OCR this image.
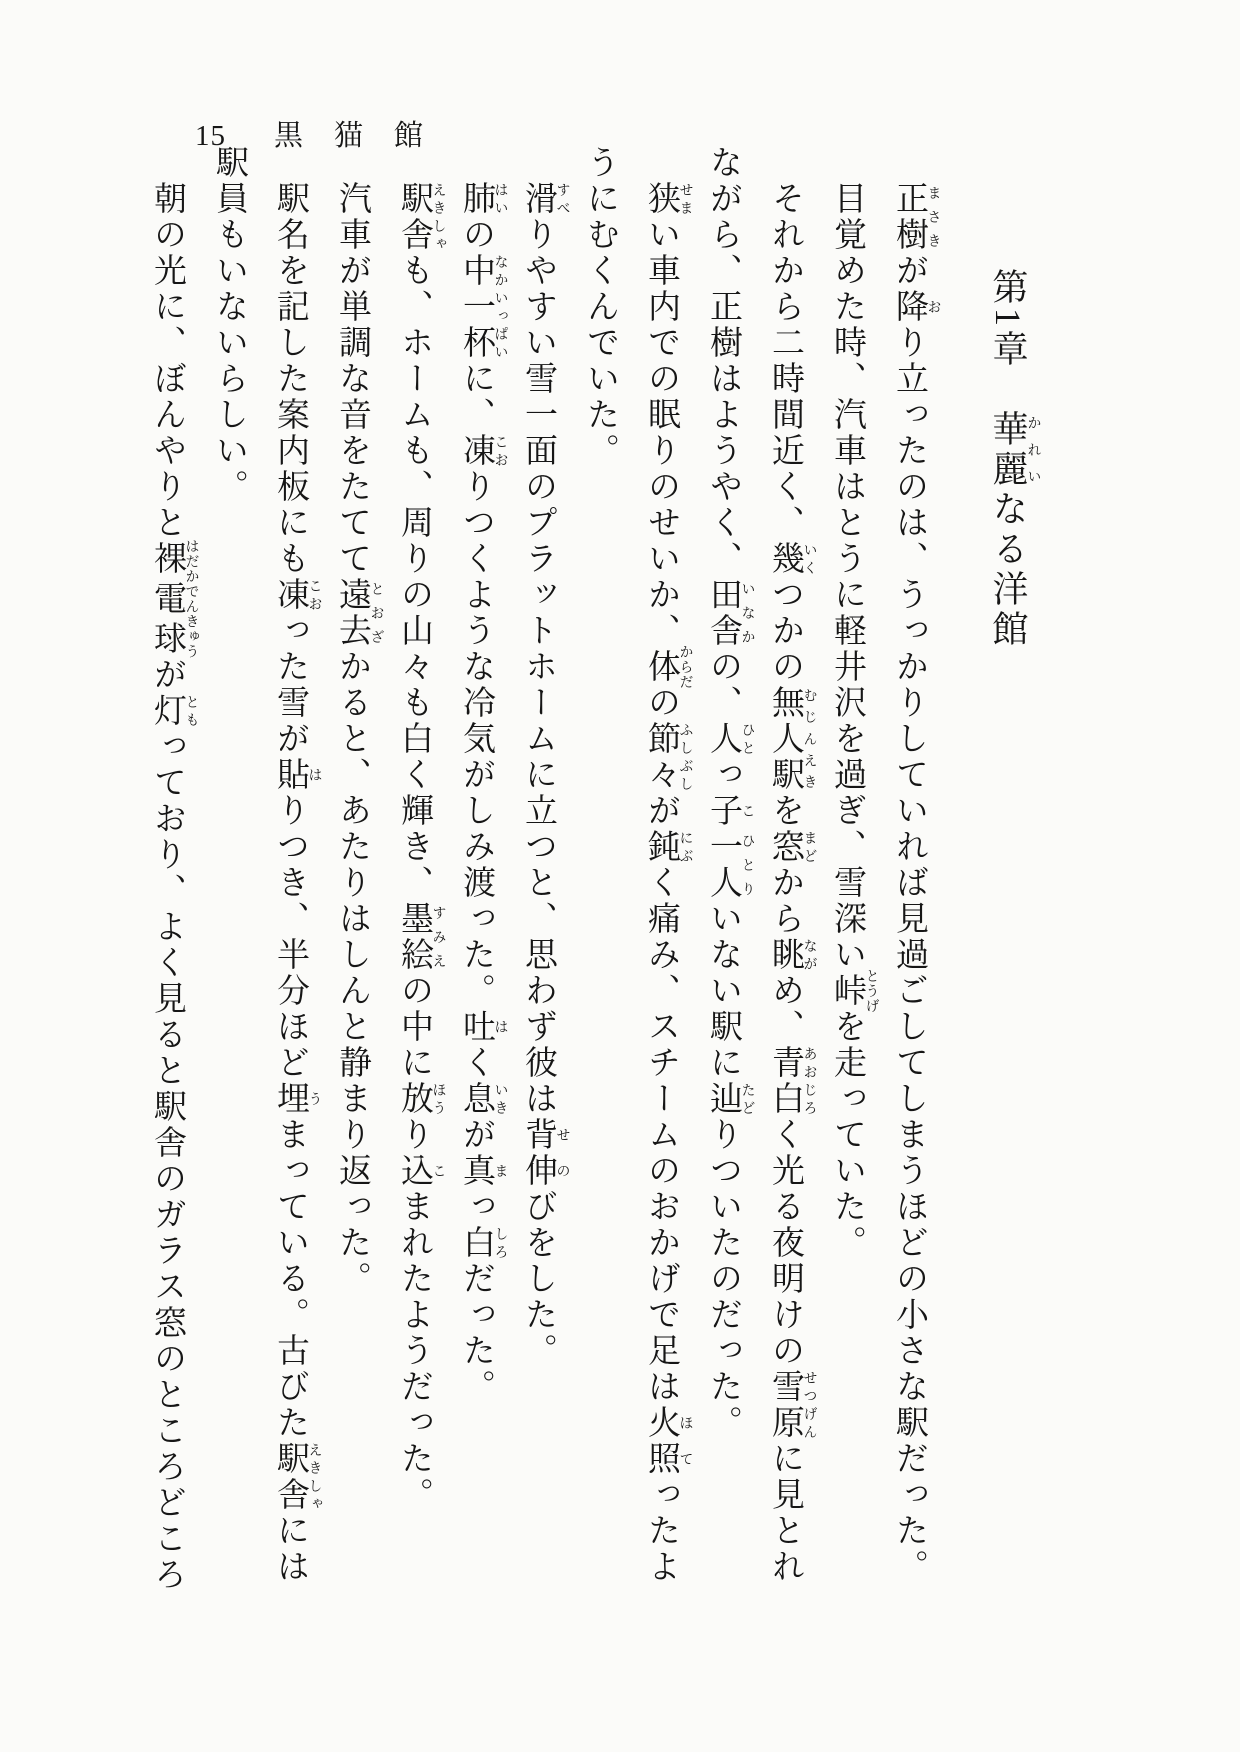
15 黒　猫　館

第1章　華麗かれいなる洋館
正樹まさきが降おり立ったのは、うっかりしていれば見過ごしてしまうほどの小さな駅だった。
目覚めた時、汽車はとうに軽井沢を過ぎ、雪深い峠とうげを走っていた。
それから二時間近く、幾いくつかの無人駅むじんえきを窓まどから眺ながめ、青白あおじろく光る夜明けの雪原せつげんに見とれ
ながら、正樹はようやく、田舎いなかの、人ひとっ子こ一人ひとりいない駅に辿たどりついたのだった。
狭せまい車内での眠りのせいか、体からだの節々ふしぶしが鈍にぶく痛み、スチームのおかげで足は火照ほてったよ
うにむくんでいた。
滑すべりやすい雪一面のプラットホームに立つと、思わず彼は背せ伸のびをした。
肺はいの中一杯なかいっぱいに、凍こおりつくような冷気がしみ渡った。吐はく息いきが真まっ白しろだった。
駅舎えきしゃも、ホームも、周りの山々も白く輝き、墨絵すみえの中に放ほうり込こまれたようだった。
汽車が単調な音をたてて遠去とおざかると、あたりはしんと静まり返った。
駅名を記した案内板にも凍こおった雪が貼はりつき、半分ほど埋うまっている。古びた駅舎えきしゃには
駅員もいないらしい。
朝の光に、ぼんやりと裸電球はだかでんきゅうが灯ともっており、よく見ると駅舎のガラス窓のところどころ
